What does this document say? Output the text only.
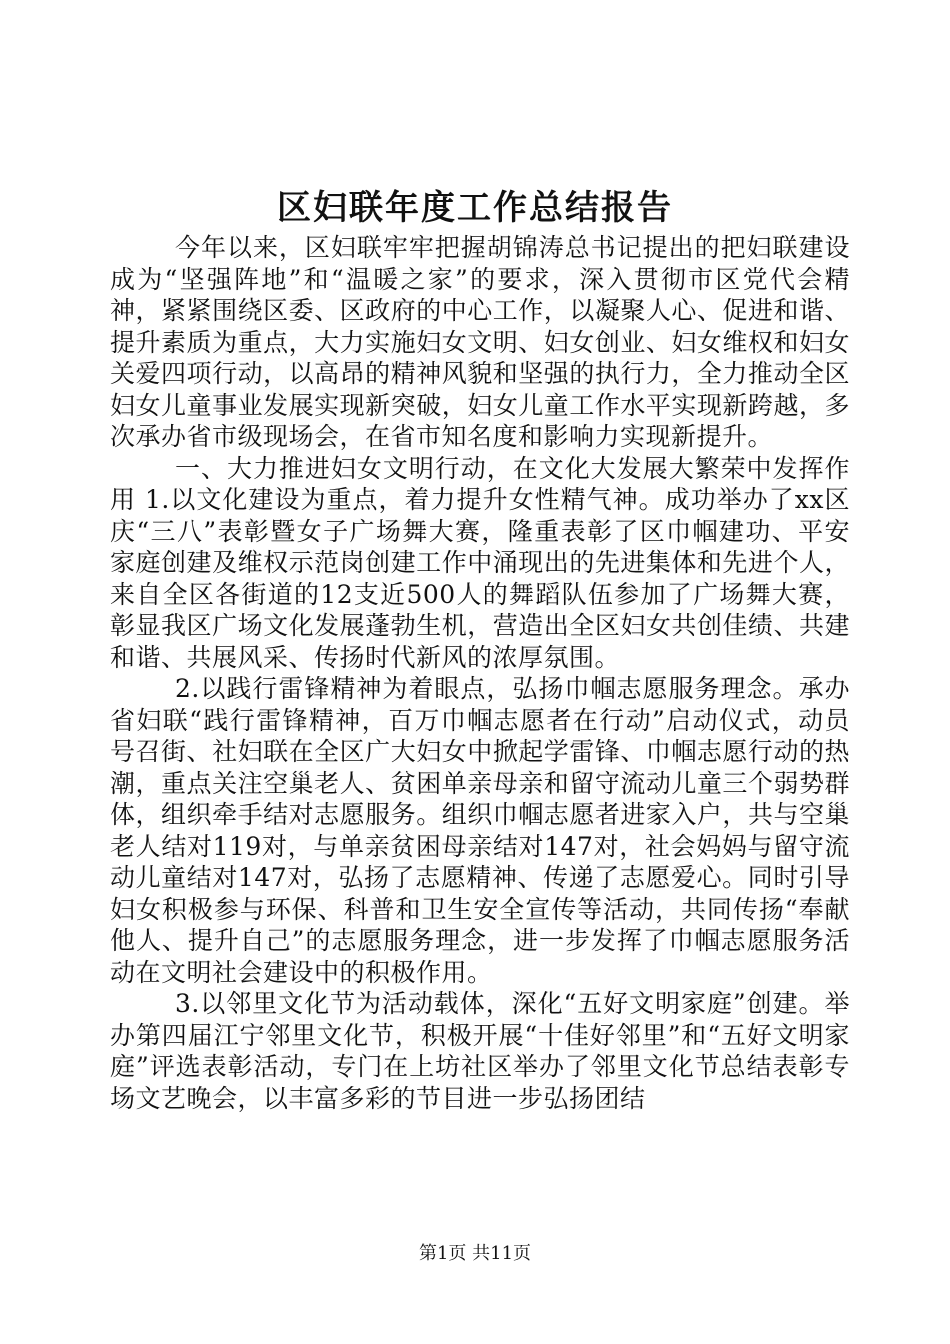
区妇联年度工作总结报告

今年以来，区妇联牢牢把握胡锦涛总书记提出的把妇联建设成为“坚强阵地”和“温暖之家”的要求，深入贯彻市区党代会精神，紧紧围绕区委、区政府的中心工作，以凝聚人心、促进和谐、提升素质为重点，大力实施妇女文明、妇女创业、妇女维权和妇女关爱四项行动，以高昂的精神风貌和坚强的执行力，全力推动全区妇女儿童事业发展实现新突破，妇女儿童工作水平实现新跨越，多次承办省市级现场会，在省市知名度和影响力实现新提升。

一、大力推进妇女文明行动，在文化大发展大繁荣中发挥作用 1.以文化建设为重点，着力提升女性精气神。成功举办了xx区庆“三八”表彰暨女子广场舞大赛，隆重表彰了区巾帼建功、平安家庭创建及维权示范岗创建工作中涌现出的先进集体和先进个人，来自全区各街道的12支近500人的舞蹈队伍参加了广场舞大赛，彰显我区广场文化发展蓬勃生机，营造出全区妇女共创佳绩、共建和谐、共展风采、传扬时代新风的浓厚氛围。

2.以践行雷锋精神为着眼点，弘扬巾帼志愿服务理念。承办省妇联“践行雷锋精神，百万巾帼志愿者在行动”启动仪式，动员号召街、社妇联在全区广大妇女中掀起学雷锋、巾帼志愿行动的热潮，重点关注空巢老人、贫困单亲母亲和留守流动儿童三个弱势群体，组织牵手结对志愿服务。组织巾帼志愿者进家入户，共与空巢老人结对119对，与单亲贫困母亲结对147对，社会妈妈与留守流动儿童结对147对，弘扬了志愿精神、传递了志愿爱心。同时引导妇女积极参与环保、科普和卫生安全宣传等活动，共同传扬“奉献他人、提升自己”的志愿服务理念，进一步发挥了巾帼志愿服务活动在文明社会建设中的积极作用。

3.以邻里文化节为活动载体，深化“五好文明家庭”创建。举办第四届江宁邻里文化节，积极开展“十佳好邻里”和“五好文明家庭”评选表彰活动，专门在上坊社区举办了邻里文化节总结表彰专场文艺晚会，以丰富多彩的节目进一步弘扬团结

第1页 共11页
